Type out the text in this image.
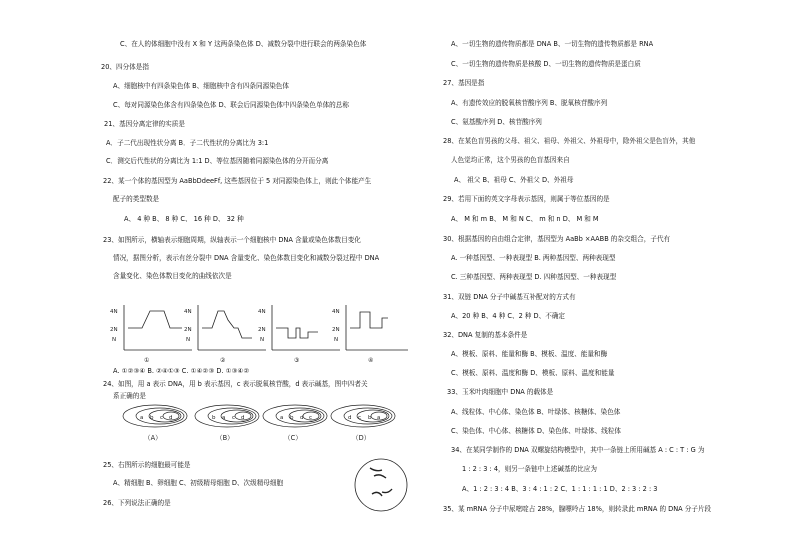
C、在人的体细胞中没有 X 和 Y 这两条染色体 D、减数分裂中进行联会的两条染色体
20、四分体是指
A、细胞核中有四条染色体 B、细胞核中含有四条同源染色体
C、每对同源染色体含有四条染色体 D、联会后同源染色体中四条染色单体的总称
21、基因分离定律的实质是
A．子二代出现性状分离 B．子二代性状的分离比为 3:1
C．测交后代性状的分离比为 1:1 D、等位基因随着同源染色体的分开而分离
22、某一个体的基因型为 AaBbDdeeFf, 这些基因位于 5 对同源染色体上，则此个体能产生
配子的类型数是
A、 4 种 B、 8 种 C、 16 种 D、 32 种
23、如图所示，横轴表示细胞周期，纵轴表示一个细胞核中 DNA 含量或染色体数目变化
情况，据图分析，表示有丝分裂中 DNA 含量变化、染色体数目变化和减数分裂过程中 DNA
含量变化、染色体数目变化的曲线依次是
4N
2N
N
①
4N
2N
N
②
4N
2N
N
③
4N
2N
N
④
A. ①②③④ B. ②④①③ C. ①④②③ D. ①③④②
24、如图，用 a 表示 DNA，用 b 表示基因，c 表示脱氧核苷酸，d 表示碱基，图中四者关
系正确的是
a b c d
（A）
b a c d
（B）
a b d c
（C）
d c b a
（D）
25、右图所示的细胞最可能是
A、精细胞 B、卵细胞 C、初级精母细胞 D、次级精母细胞
26、下列说法正确的是
A、一切生物的遗传物质都是 DNA B、一切生物的遗传物质都是 RNA
C、一切生物的遗传物质是核酸 D、一切生物的遗传物质是蛋白质
27、基因是指
A、有遗传效应的脱氧核苷酸序列 B、脱氧核苷酸序列
C、氨基酸序列 D、核苷酸序列
28、在某色盲男孩的父母、祖父、祖母、外祖父、外祖母中，除外祖父是色盲外，其他
人色觉均正常，这个男孩的色盲基因来自
A、 祖父 B、祖母 C、外祖父 D、外祖母
29、若用下面的英文字母表示基因，则属于等位基因的是
A、 M 和 m B、 M 和 N C、 m 和 n D、 M 和 M
30、根据基因的自由组合定律，基因型为 AaBb ×AABB 的杂交组合，子代有
A. 一种基因型、一种表现型 B. 两种基因型、两种表现型
C. 三种基因型、两种表现型 D. 四种基因型、一种表现型
31、双链 DNA 分子中碱基互补配对的方式有
A、20 种 B、4 种 C、2 种 D、不确定
32、DNA 复制的基本条件是
A、模板、原料、能量和酶 B、模板、温度、能量和酶
C、模板、原料、温度和酶 D、模板、原料、温度和能量
33、玉米叶肉细胞中 DNA 的载体是
A、线粒体、中心体、染色体 B、叶绿体、核糖体、染色体
C、染色体、中心体、核糖体 D、染色体、叶绿体、线粒体
34、在某同学制作的 DNA 双螺旋结构模型中，其中一条链上所用碱基 A : C : T : G 为
1 : 2 : 3 : 4，则另一条链中上述碱基的比应为
A、1 : 2 : 3 : 4 B、3 : 4 : 1 : 2 C、1 : 1 : 1 : 1 D、2 : 3 : 2 : 3
35、某 mRNA 分子中尿嘧啶占 28%，腺嘌呤占 18%，则转录此 mRNA 的 DNA 分子片段
